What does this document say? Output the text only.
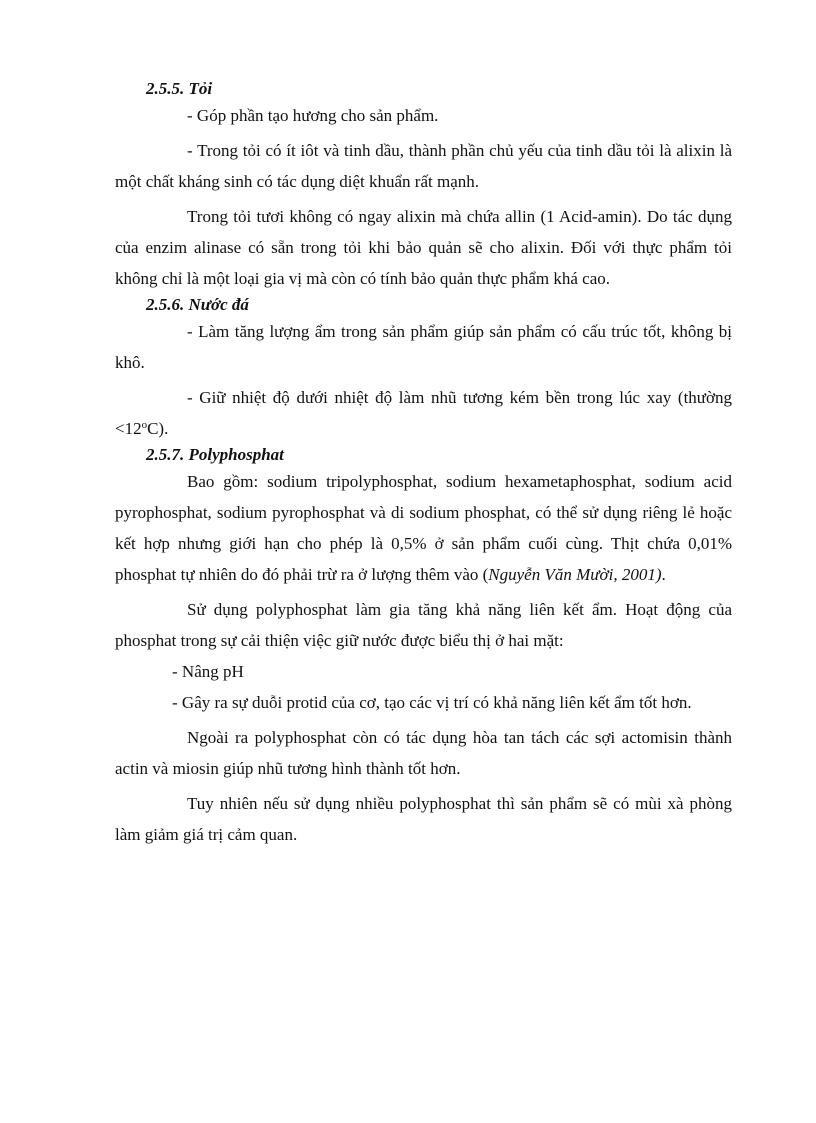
2.5.5. Tỏi

- Góp phần tạo hương cho sản phẩm.

- Trong tỏi có ít iôt và tinh dầu, thành phần chủ yếu của tinh dầu tỏi là alixin là một chất kháng sinh có tác dụng diệt khuẩn rất mạnh.

Trong tỏi tươi không có ngay alixin mà chứa allin (1 Acid-amin). Do tác dụng của enzim alinase có sẵn trong tỏi khi bảo quản sẽ cho alixin. Đối với thực phẩm tỏi không chỉ là một loại gia vị mà còn có tính bảo quản thực phẩm khá cao.

2.5.6. Nước đá

- Làm tăng lượng ẩm trong sản phẩm giúp sản phẩm có cấu trúc tốt, không bị khô.

- Giữ nhiệt độ dưới nhiệt độ làm nhũ tương kém bền trong lúc xay (thường $<12^oC$).

2.5.7. Polyphosphat

Bao gồm: sodium tripolyphosphat, sodium hexametaphosphat, sodium acid pyrophosphat, sodium pyrophosphat và di sodium phosphat, có thể sử dụng riêng lẻ hoặc kết hợp nhưng giới hạn cho phép là 0,5% ở sản phẩm cuối cùng. Thịt chứa 0,01% phosphat tự nhiên do đó phải trừ ra ở lượng thêm vào (Nguyễn Văn Mười, 2001).

Sử dụng polyphosphat làm gia tăng khả năng liên kết ẩm. Hoạt động của phosphat trong sự cải thiện việc giữ nước được biểu thị ở hai mặt:

- Nâng pH
- Gây ra sự duỗi protid của cơ, tạo các vị trí có khả năng liên kết ẩm tốt hơn.

Ngoài ra polyphosphat còn có tác dụng hòa tan tách các sợi actomisin thành actin và miosin giúp nhũ tương hình thành tốt hơn.

Tuy nhiên nếu sử dụng nhiều polyphosphat thì sản phẩm sẽ có mùi xà phòng làm giảm giá trị cảm quan.
